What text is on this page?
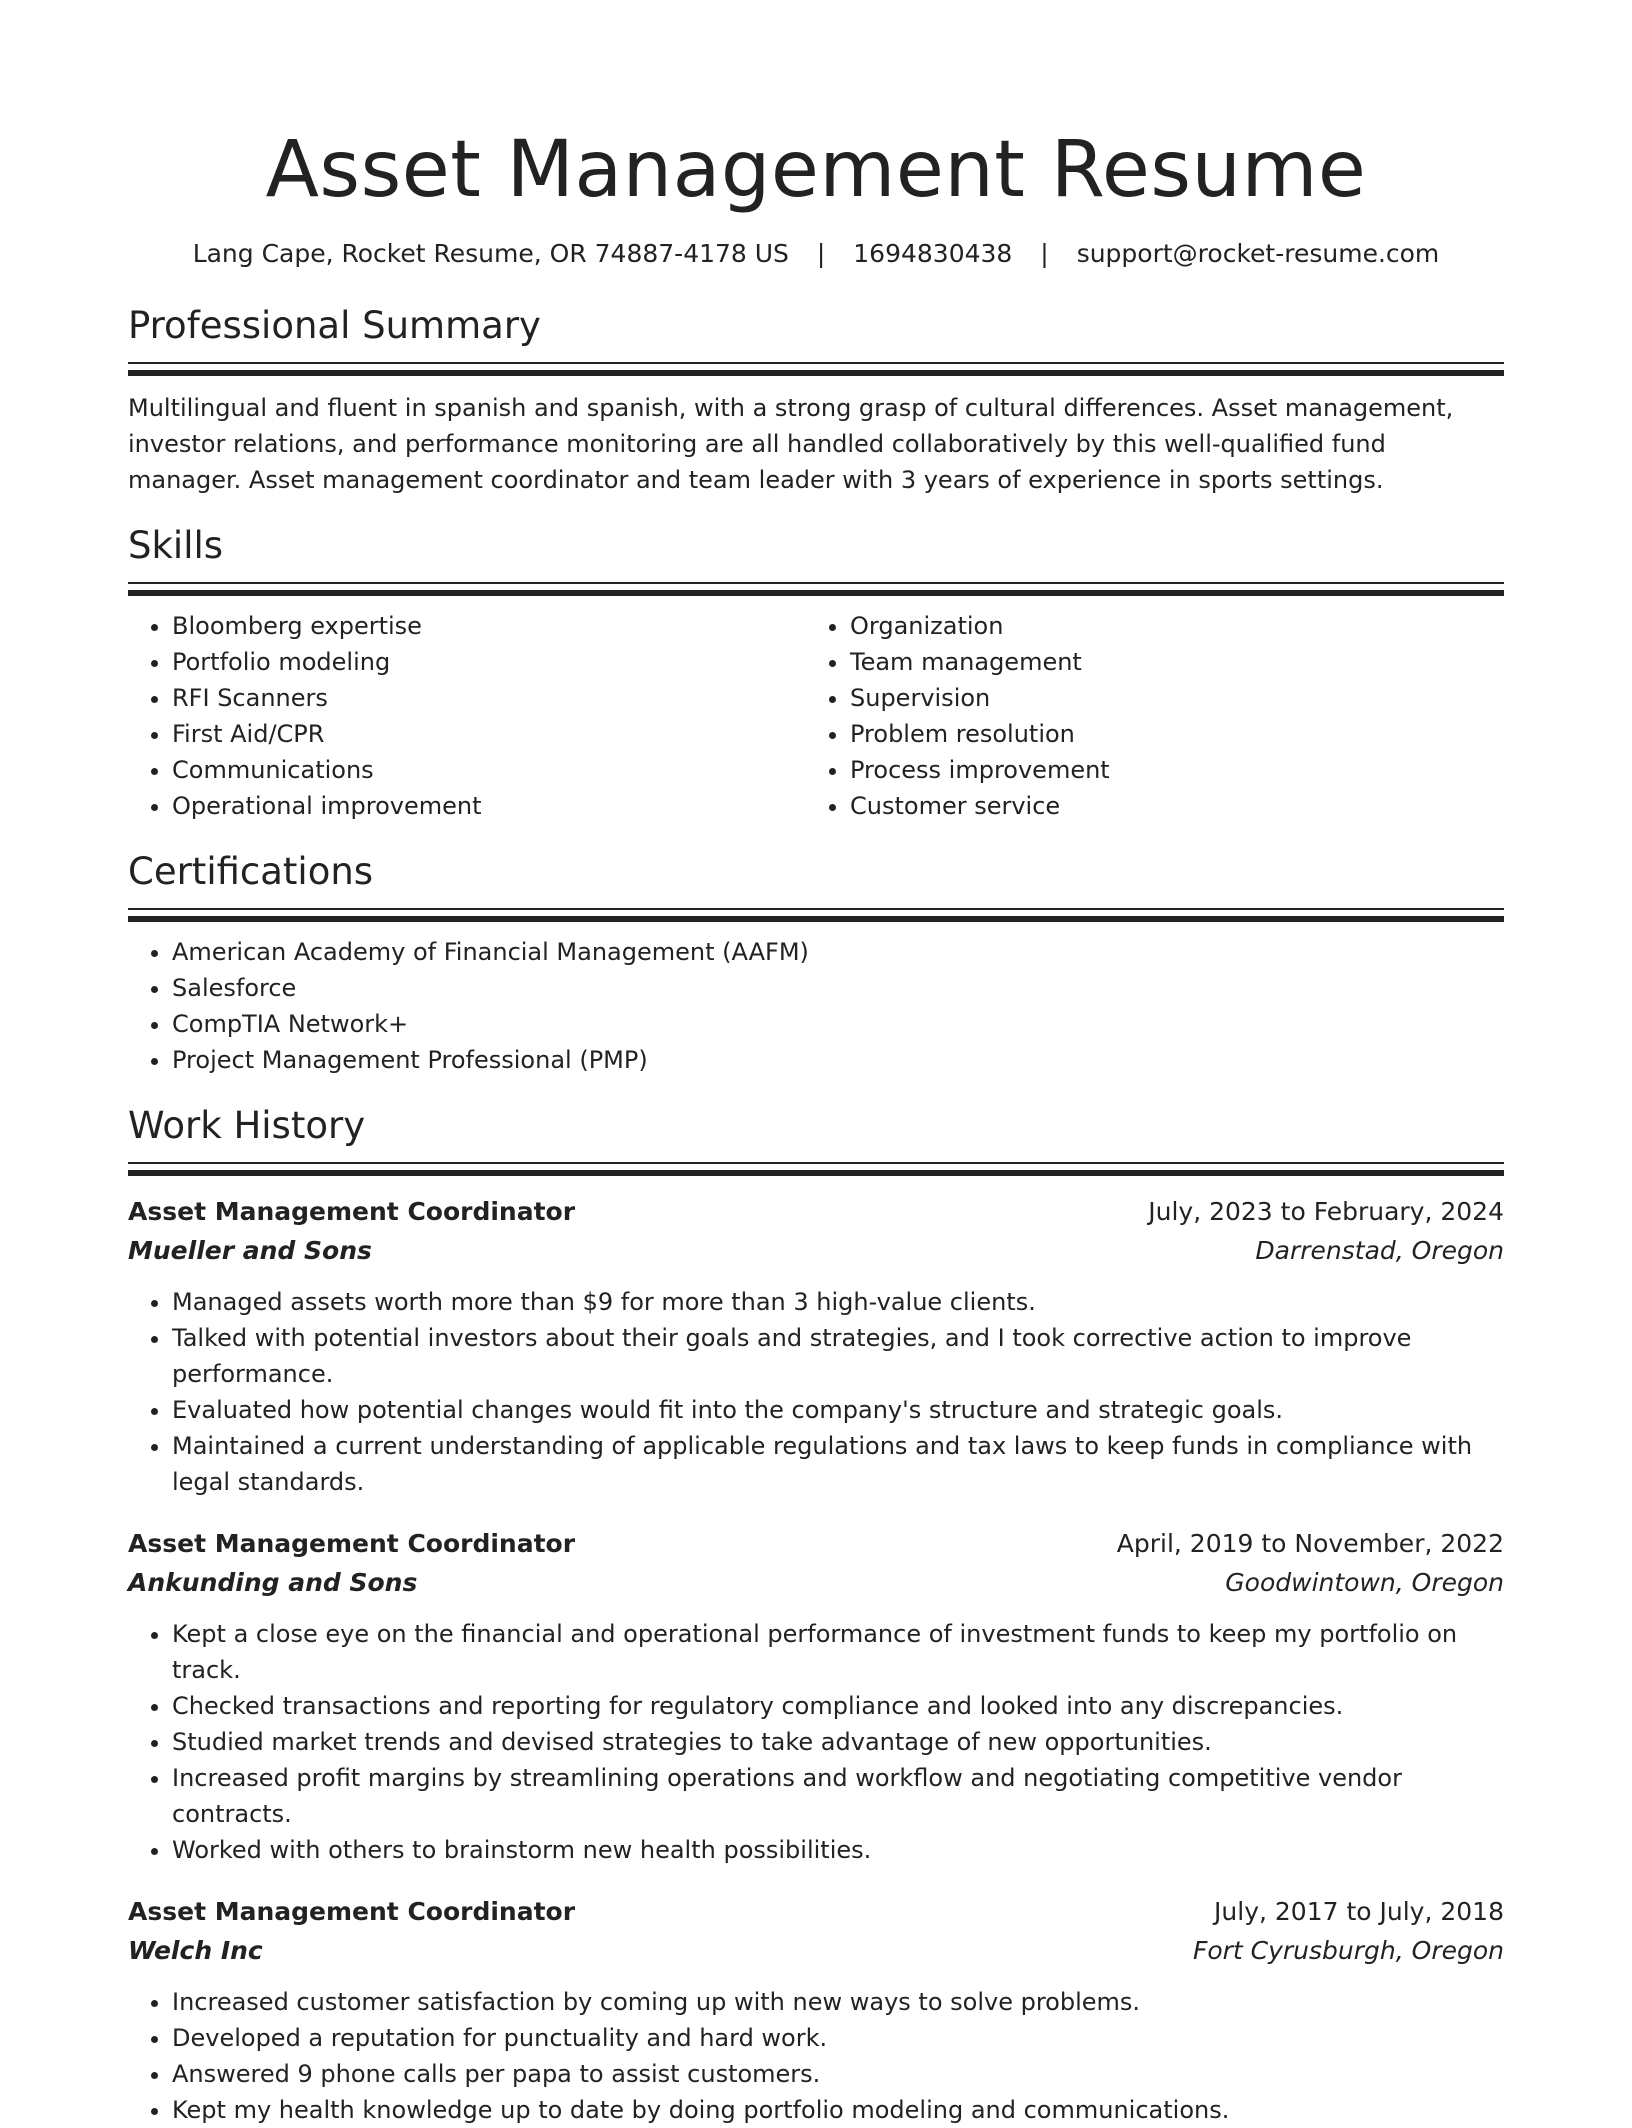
Asset Management Resume
Lang Cape, Rocket Resume, OR 74887-4178 US | 1694830438 | support@rocket-resume.com
Professional Summary

Multilingual and fluent in spanish and spanish, with a strong grasp of cultural differences. Asset management, investor relations, and performance monitoring are all handled collaboratively by this well-qualified fund manager. Asset management coordinator and team leader with 3 years of experience in sports settings.

Skills
• Bloomberg expertise
• Portfolio modeling
• RFI Scanners
• First Aid/CPR
• Communications
• Operational improvement
• Organization
• Team management
• Supervision
• Problem resolution
• Process improvement
• Customer service
Certifications
• American Academy of Financial Management (AAFM)
• Salesforce
• CompTIA Network+
• Project Management Professional (PMP)
Work History
Asset Management Coordinator	July, 2023 to February, 2024
Mueller and Sons	Darrenstad, Oregon
• Managed assets worth more than $9 for more than 3 high-value clients.
• Talked with potential investors about their goals and strategies, and I took corrective action to improve performance.
• Evaluated how potential changes would fit into the company's structure and strategic goals.
• Maintained a current understanding of applicable regulations and tax laws to keep funds in compliance with legal standards.
Asset Management Coordinator	April, 2019 to November, 2022
Ankunding and Sons	Goodwintown, Oregon
• Kept a close eye on the financial and operational performance of investment funds to keep my portfolio on track.
• Checked transactions and reporting for regulatory compliance and looked into any discrepancies.
• Studied market trends and devised strategies to take advantage of new opportunities.
• Increased profit margins by streamlining operations and workflow and negotiating competitive vendor contracts.
• Worked with others to brainstorm new health possibilities.
Asset Management Coordinator	July, 2017 to July, 2018
Welch Inc	Fort Cyrusburgh, Oregon
• Increased customer satisfaction by coming up with new ways to solve problems.
• Developed a reputation for punctuality and hard work.
• Answered 9 phone calls per papa to assist customers.
• Kept my health knowledge up to date by doing portfolio modeling and communications.
